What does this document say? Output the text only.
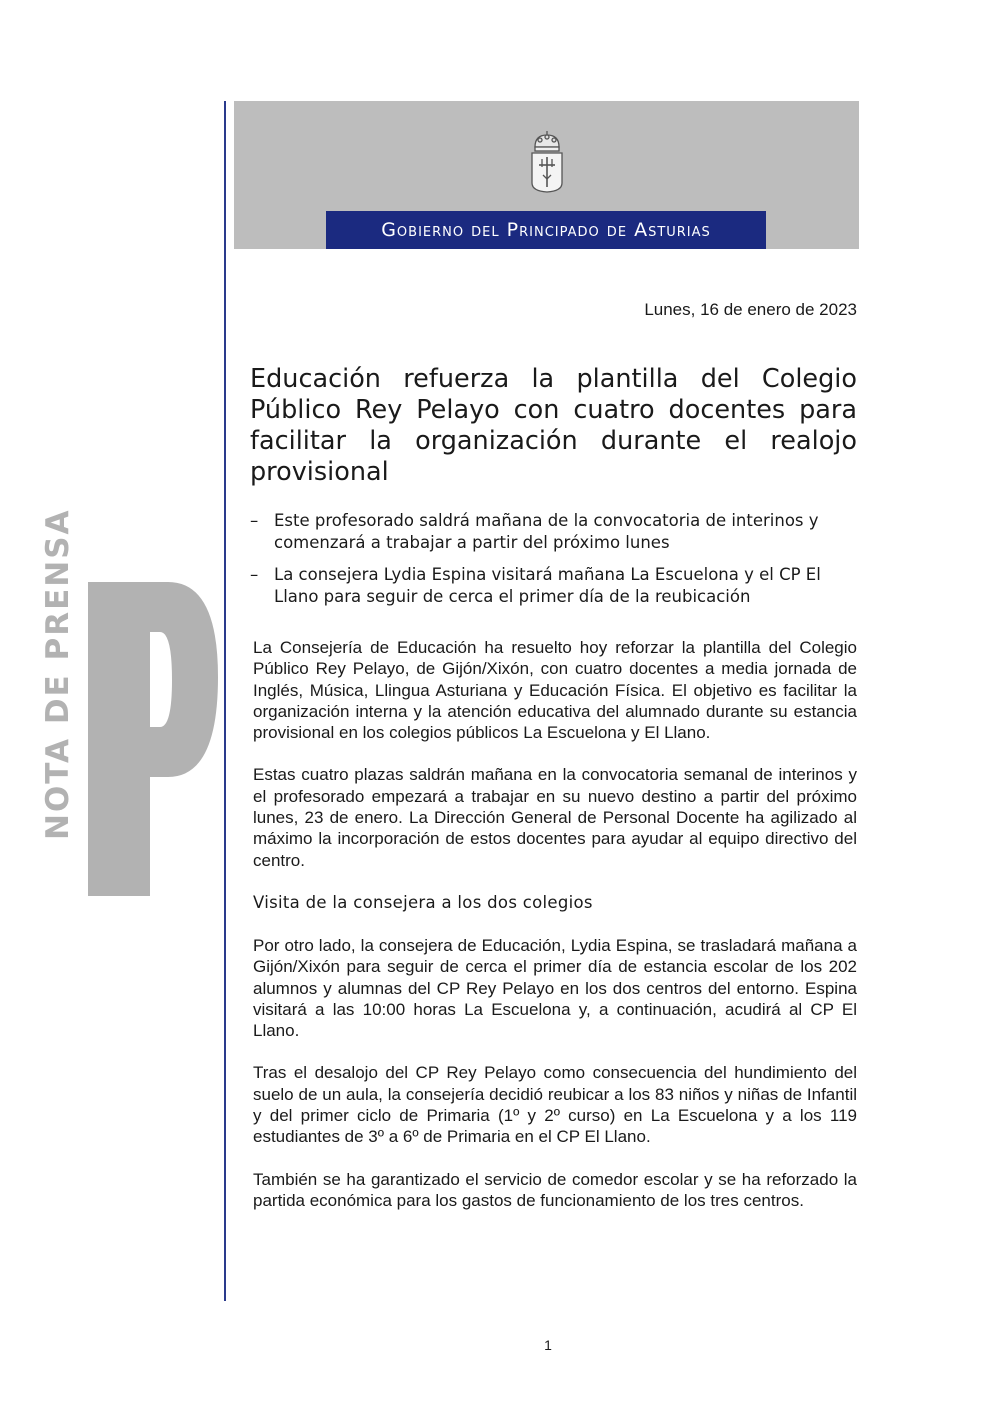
Gobierno del Principado de Asturias
NOTA DE PRENSA
Lunes, 16 de enero de 2023
Educación refuerza la plantilla del Colegio Público Rey Pelayo con cuatro docentes para facilitar la organización durante el realojo provisional
– Este profesorado saldrá mañana de la convocatoria de interinos y comenzará a trabajar a partir del próximo lunes
– La consejera Lydia Espina visitará mañana La Escuelona y el CP El Llano para seguir de cerca el primer día de la reubicación

La Consejería de Educación ha resuelto hoy reforzar la plantilla del Colegio Público Rey Pelayo, de Gijón/Xixón, con cuatro docentes a media jornada de Inglés, Música, Llingua Asturiana y Educación Física. El objetivo es facilitar la organización interna y la atención educativa del alumnado durante su estancia provisional en los colegios públicos La Escuelona y El Llano.

Estas cuatro plazas saldrán mañana en la convocatoria semanal de interinos y el profesorado empezará a trabajar en su nuevo destino a partir del próximo lunes, 23 de enero. La Dirección General de Personal Docente ha agilizado al máximo la incorporación de estos docentes para ayudar al equipo directivo del centro.

Visita de la consejera a los dos colegios

Por otro lado, la consejera de Educación, Lydia Espina, se trasladará mañana a Gijón/Xixón para seguir de cerca el primer día de estancia escolar de los 202 alumnos y alumnas del CP Rey Pelayo en los dos centros del entorno. Espina visitará a las 10:00 horas La Escuelona y, a continuación, acudirá al CP El Llano.

Tras el desalojo del CP Rey Pelayo como consecuencia del hundimiento del suelo de un aula, la consejería decidió reubicar a los 83 niños y niñas de Infantil y del primer ciclo de Primaria (1º y 2º curso) en La Escuelona y a los 119 estudiantes de 3º a 6º de Primaria en el CP El Llano.

También se ha garantizado el servicio de comedor escolar y se ha reforzado la partida económica para los gastos de funcionamiento de los tres centros.

1
